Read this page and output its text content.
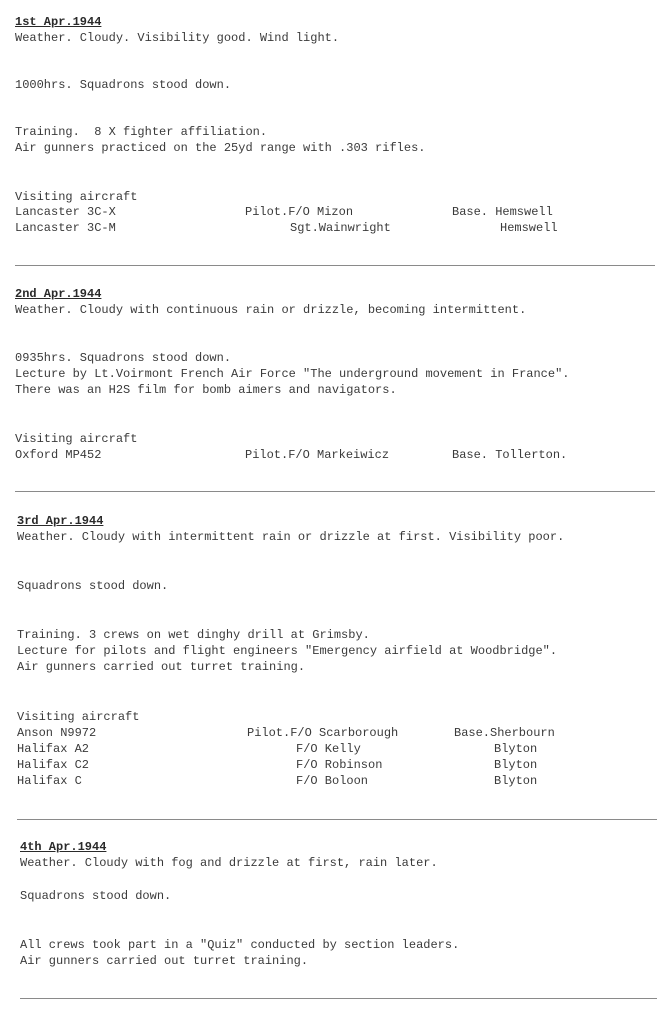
1st Apr.1944
Weather. Cloudy. Visibility good. Wind light.
1000hrs. Squadrons stood down.
Training.  8 X fighter affiliation.
Air gunners practiced on the 25yd range with .303 rifles.
Visiting aircraft
Lancaster 3C-X	Pilot.F/O Mizon	Base. Hemswell
Lancaster 3C-M	Sgt.Wainwright	Hemswell
2nd Apr.1944
Weather. Cloudy with continuous rain or drizzle, becoming intermittent.
0935hrs. Squadrons stood down.
Lecture by Lt.Voirmont French Air Force "The underground movement in France".
There was an H2S film for bomb aimers and navigators.
Visiting aircraft
Oxford MP452	Pilot.F/O Markeiwicz	Base. Tollerton.
3rd Apr.1944
Weather. Cloudy with intermittent rain or drizzle at first. Visibility poor.
Squadrons stood down.
Training. 3 crews on wet dinghy drill at Grimsby.
Lecture for pilots and flight engineers "Emergency airfield at Woodbridge".
Air gunners carried out turret training.
Visiting aircraft
Anson N9972	Pilot.F/O Scarborough	Base.Sherbourn
Halifax A2	F/O Kelly	Blyton
Halifax C2	F/O Robinson	Blyton
Halifax C	F/O Boloon	Blyton
4th Apr.1944
Weather. Cloudy with fog and drizzle at first, rain later.
Squadrons stood down.
All crews took part in a "Quiz" conducted by section leaders.
Air gunners carried out turret training.
